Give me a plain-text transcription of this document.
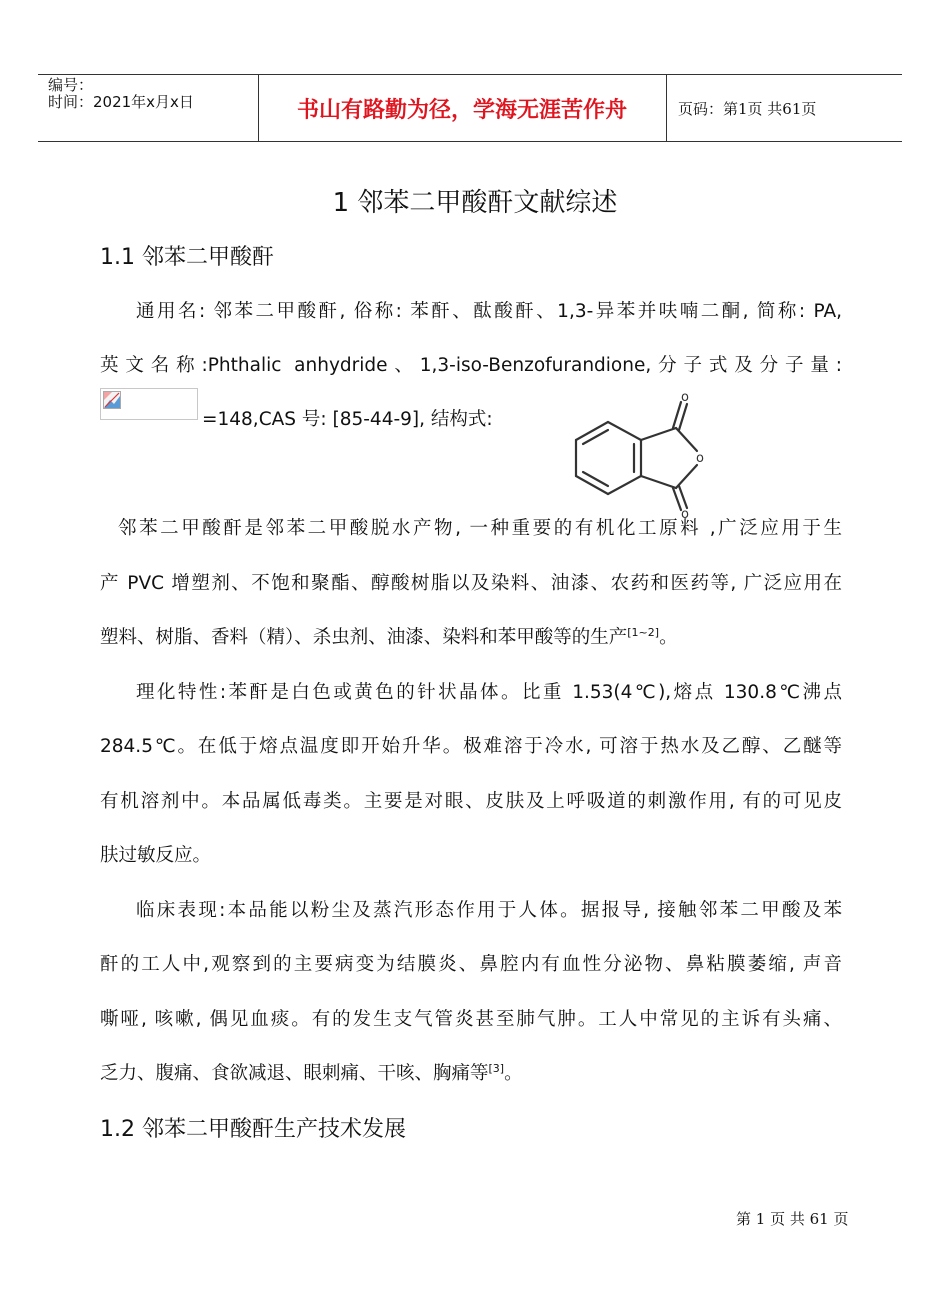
编号：
时间：2021年x月x日	书山有路勤为径，学海无涯苦作舟	页码：第1页 共61页
1 邻苯二甲酸酐文献综述
1.1 邻苯二甲酸酐
通用名: 邻苯二甲酸酐, 俗称: 苯酐、酞酸酐、1,3-异苯并呋喃二酮, 简称: PA,
英文名称:Phthalic anhydride、1,3-iso-Benzofurandione,分子式及分子量:
=148,CAS 号: [85-44-9], 结构式:
o
o
o
邻苯二甲酸酐是邻苯二甲酸脱水产物, 一种重要的有机化工原料 ,广泛应用于生
产 PVC 增塑剂、不饱和聚酯、醇酸树脂以及染料、油漆、农药和医药等, 广泛应用在
塑料、树脂、香料（精）、杀虫剂、油漆、染料和苯甲酸等的生产[1~2]。
理化特性:苯酐是白色或黄色的针状晶体。比重 1.53(4℃),熔点 130.8℃沸点
284.5℃。在低于熔点温度即开始升华。极难溶于冷水, 可溶于热水及乙醇、乙醚等
有机溶剂中。本品属低毒类。主要是对眼、皮肤及上呼吸道的刺激作用, 有的可见皮
肤过敏反应。
临床表现:本品能以粉尘及蒸汽形态作用于人体。据报导, 接触邻苯二甲酸及苯
酐的工人中,观察到的主要病变为结膜炎、鼻腔内有血性分泌物、鼻粘膜萎缩, 声音
嘶哑, 咳嗽, 偶见血痰。有的发生支气管炎甚至肺气肿。工人中常见的主诉有头痛、
乏力、腹痛、食欲减退、眼刺痛、干咳、胸痛等[3]。
1.2 邻苯二甲酸酐生产技术发展
第 1 页 共 61 页
